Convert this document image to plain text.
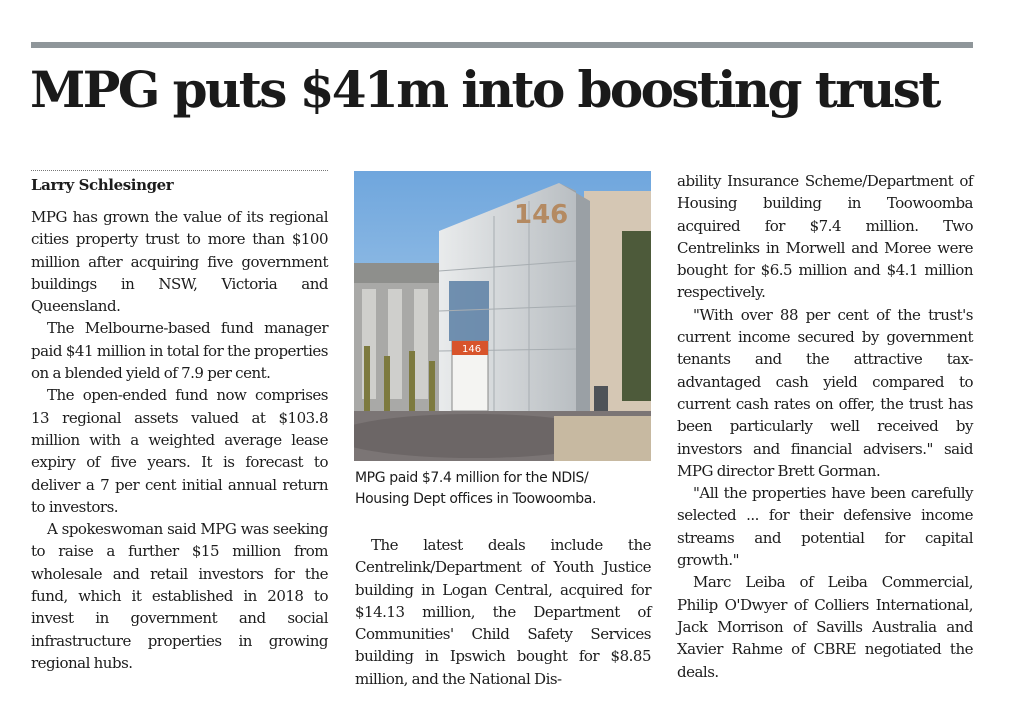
MPG puts $41m into boosting trust
Larry Schlesinger

MPG has grown the value of its regional cities property trust to more than $100 million after acquiring five government buildings in NSW, Victoria and Queensland.

The Melbourne-based fund manager paid $41 million in total for the properties on a blended yield of 7.9 per cent.

The open-ended fund now comprises 13 regional assets valued at $103.8 million with a weighted average lease expiry of five years. It is forecast to deliver a 7 per cent initial annual return to investors.

A spokeswoman said MPG was seeking to raise a further $15 million from wholesale and retail investors for the fund, which it established in 2018 to invest in government and social infrastructure properties in growing regional hubs.

146
146
MPG paid $7.4 million for the NDIS/
Housing Dept offices in Toowoomba.

The latest deals include the Centrelink/Department of Youth Justice building in Logan Central, acquired for $14.13 million, the Department of Communities' Child Safety Services building in Ipswich bought for $8.85 million, and the National Dis-

ability Insurance Scheme/Department of Housing building in Toowoomba acquired for $7.4 million. Two Centrelinks in Morwell and Moree were bought for $6.5 million and $4.1 million respectively.

"With over 88 per cent of the trust's current income secured by government tenants and the attractive tax-advantaged cash yield compared to current cash rates on offer, the trust has been particularly well received by investors and financial advisers." said MPG director Brett Gorman.

"All the properties have been carefully selected ... for their defensive income streams and potential for capital growth."

Marc Leiba of Leiba Commercial, Philip O'Dwyer of Colliers International, Jack Morrison of Savills Australia and Xavier Rahme of CBRE negotiated the deals.
